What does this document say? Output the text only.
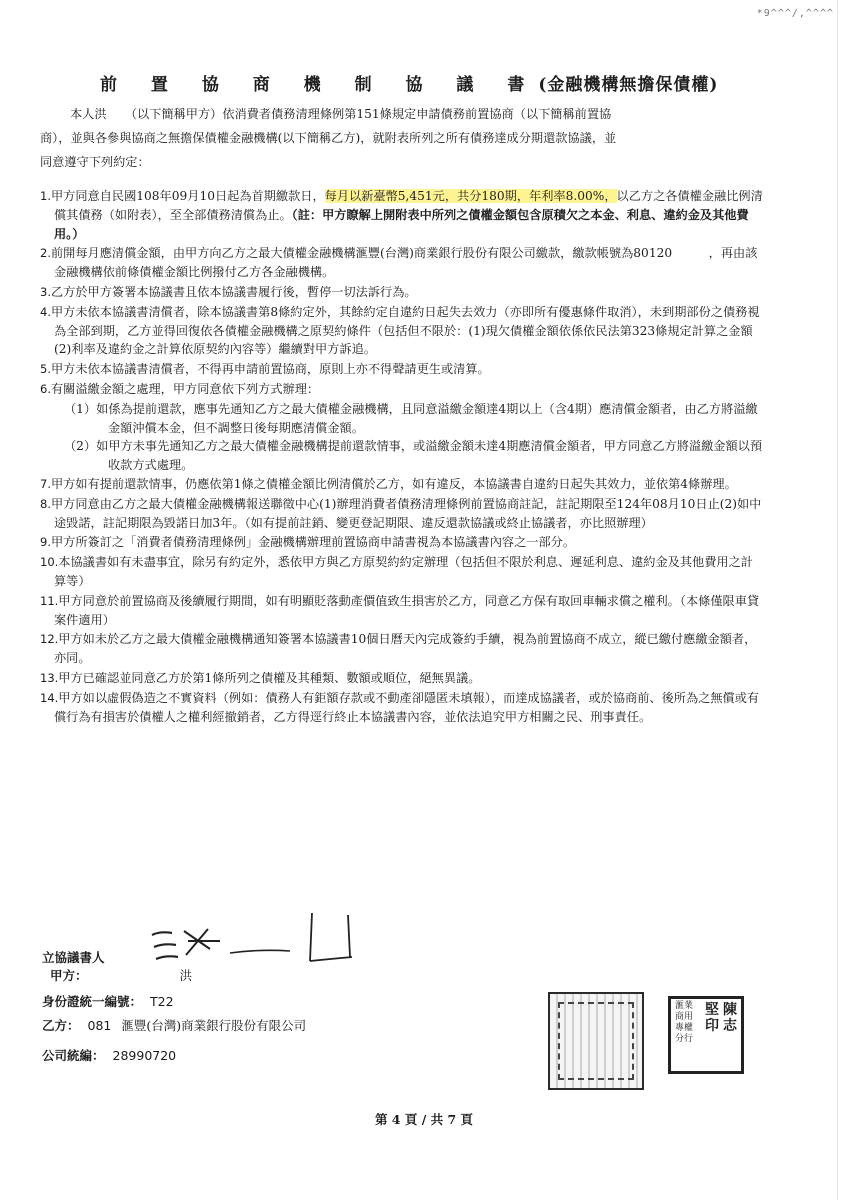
*9^^^/,^^^^
前 置 協 商 機 制 協 議 書(金融機構無擔保債權)
本人洪　　（以下簡稱甲方）依消費者債務清理條例第151條規定申請債務前置協商（以下簡稱前置協
商），並與各參與協商之無擔保債權金融機構(以下簡稱乙方)，就附表所列之所有債務達成分期還款協議，並
同意遵守下列約定：

1.甲方同意自民國108年09月10日起為首期繳款日，每月以新臺幣5,451元，共分180期，年利率8.00%，以乙方之各債權金融比例清償其債務（如附表），至全部債務清償為止。（註：甲方瞭解上開附表中所列之債權金額包含原積欠之本金、利息、違約金及其他費用。）

2.前開每月應清償金額，由甲方向乙方之最大債權金融機構滙豐(台灣)商業銀行股份有限公司繳款，繳款帳號為80120　　　，再由該金融機構依前條債權金額比例撥付乙方各金融機構。

3.乙方於甲方簽署本協議書且依本協議書履行後，暫停一切法訴行為。

4.甲方未依本協議書清償者，除本協議書第8條約定外，其餘約定自違約日起失去效力（亦即所有優惠條件取消），未到期部份之債務視為全部到期，乙方並得回復依各債權金融機構之原契約條件（包括但不限於：(1)現欠債權金額依係依民法第323條規定計算之金額(2)利率及違約金之計算依原契約內容等）繼續對甲方訴追。

5.甲方未依本協議書清償者，不得再申請前置協商，原則上亦不得聲請更生或清算。

6.有關溢繳金額之處理，甲方同意依下列方式辦理：

（1）如係為提前還款，應事先通知乙方之最大債權金融機構，且同意溢繳金額達4期以上（含4期）應清償金額者，由乙方將溢繳金額沖償本金，但不調整日後每期應清償金額。

（2）如甲方未事先通知乙方之最大債權金融機構提前還款情事，或溢繳金額未達4期應清償金額者，甲方同意乙方將溢繳金額以預收款方式處理。

7.甲方如有提前還款情事，仍應依第1條之債權金額比例清償於乙方，如有違反，本協議書自違約日起失其效力，並依第4條辦理。

8.甲方同意由乙方之最大債權金融機構報送聯徵中心(1)辦理消費者債務清理條例前置協商註記，註記期限至124年08月10日止(2)如中途毀諾，註記期限為毀諾日加3年。（如有提前註銷、變更登記期限、違反還款協議或終止協議者，亦比照辦理）

9.甲方所簽訂之「消費者債務清理條例」金融機構辦理前置協商申請書視為本協議書內容之一部分。

10.本協議書如有未盡事宜，除另有約定外，悉依甲方與乙方原契約約定辦理（包括但不限於利息、遲延利息、違約金及其他費用之計算等）

11.甲方同意於前置協商及後續履行期間，如有明顯貶落動產價值致生損害於乙方，同意乙方保有取回車輛求償之權利。（本條僅限車貸案件適用）

12.甲方如未於乙方之最大債權金融機構通知簽署本協議書10個日曆天內完成簽約手續，視為前置協商不成立，縱已繳付應繳金額者，亦同。

13.甲方已確認並同意乙方於第1條所列之債權及其種類、數額或順位，絕無異議。

14.甲方如以虛假偽造之不實資料（例如：債務人有鉅額存款或不動產卻隱匿未填報），而達成協議者，或於協商前、後所為之無償或有償行為有損害於債權人之權利經撤銷者，乙方得逕行終止本協議書內容，並依法追究甲方相關之民、刑事責任。

立協議書人
甲方：	洪
身份證統一編號： T22
乙方： 081 滙豐(台灣)商業銀行股份有限公司
公司統編： 28990720
陳志
堅印
滙業商用專權分行
第 4 頁 / 共 7 頁
